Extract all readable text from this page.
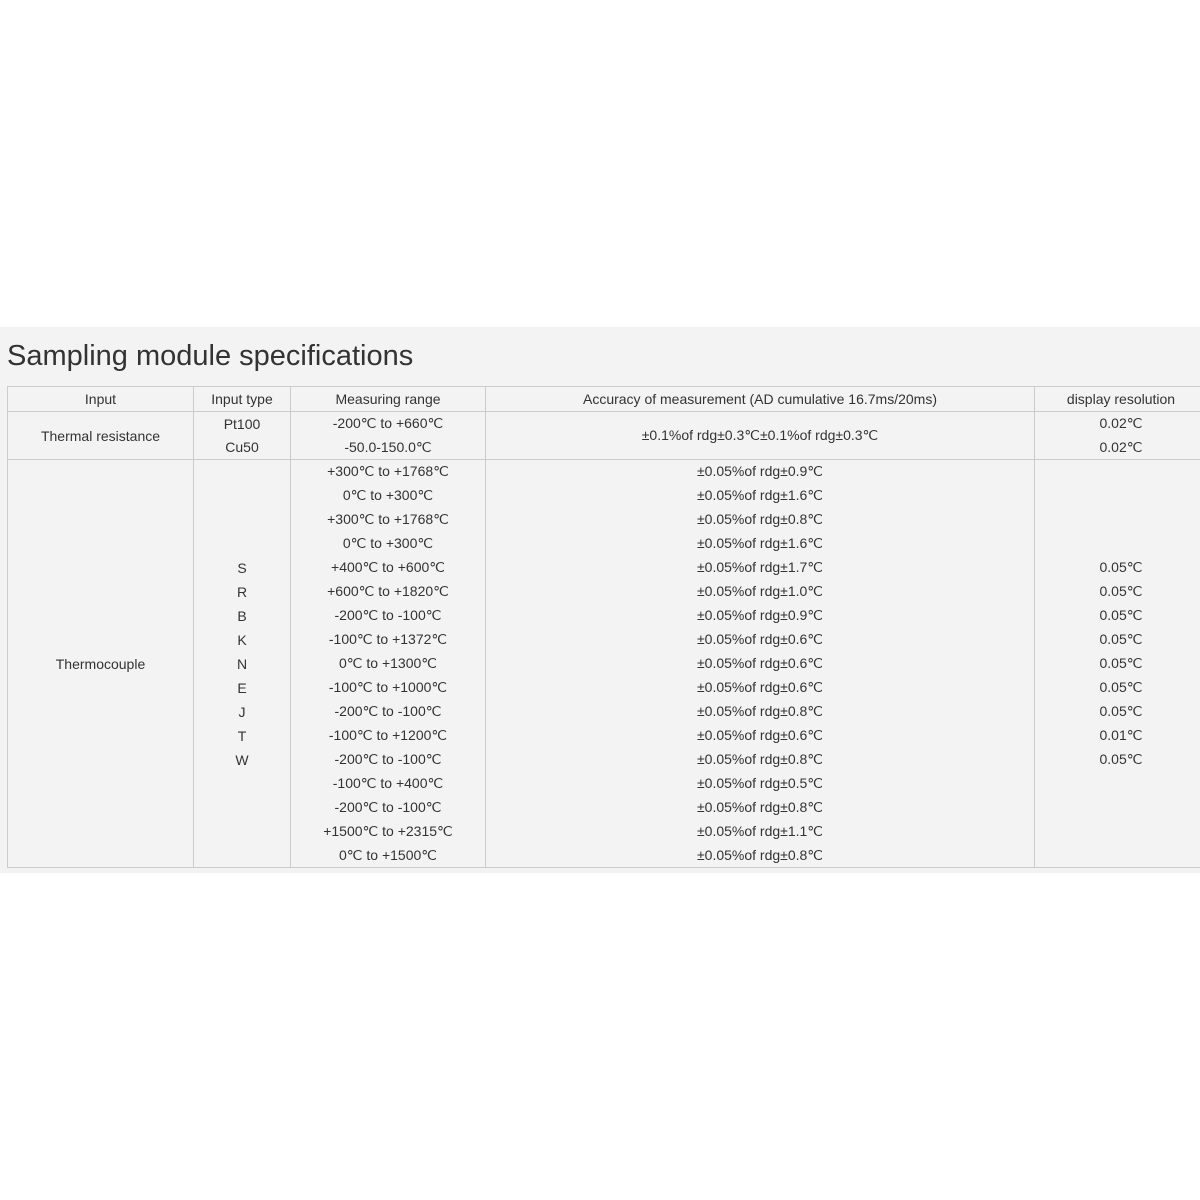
Sampling module specifications
Input	Input type	Measuring range	Accuracy of measurement (AD cumulative 16.7ms/20ms)	display resolution
Thermal resistance	Pt100	-200℃ to +660℃	±0.1%of rdg±0.3℃±0.1%of rdg±0.3℃	0.02℃
	Cu50	-50.0-150.0℃		0.02℃
Thermocouple		+300℃ to +1768℃	±0.05%of rdg±0.9℃	
		0℃ to +300℃	±0.05%of rdg±1.6℃	
		+300℃ to +1768℃	±0.05%of rdg±0.8℃	
		0℃ to +300℃	±0.05%of rdg±1.6℃	
	S	+400℃ to +600℃	±0.05%of rdg±1.7℃	0.05℃
	R	+600℃ to +1820℃	±0.05%of rdg±1.0℃	0.05℃
	B	-200℃ to -100℃	±0.05%of rdg±0.9℃	0.05℃
	K	-100℃ to +1372℃	±0.05%of rdg±0.6℃	0.05℃
	N	0℃ to +1300℃	±0.05%of rdg±0.6℃	0.05℃
	E	-100℃ to +1000℃	±0.05%of rdg±0.6℃	0.05℃
	J	-200℃ to -100℃	±0.05%of rdg±0.8℃	0.05℃
	T	-100℃ to +1200℃	±0.05%of rdg±0.6℃	0.01℃
	W	-200℃ to -100℃	±0.05%of rdg±0.8℃	0.05℃
		-100℃ to +400℃	±0.05%of rdg±0.5℃	
		-200℃ to -100℃	±0.05%of rdg±0.8℃	
		+1500℃ to +2315℃	±0.05%of rdg±1.1℃	
		0℃ to +1500℃	±0.05%of rdg±0.8℃	
